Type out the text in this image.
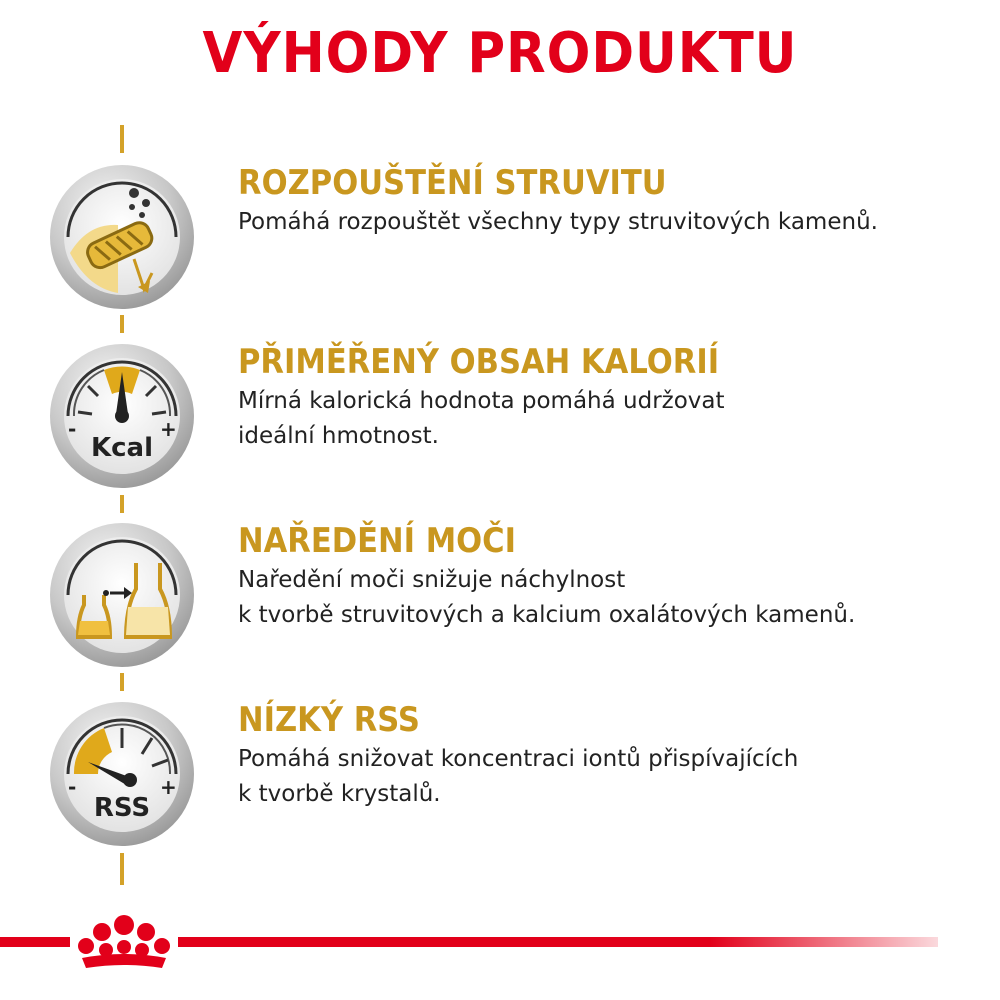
VÝHODY PRODUKTU
ROZPOUŠTĚNÍ STRUVITU
Pomáhá rozpouštět všechny typy struvitových kamenů.
-	+
Kcal
PŘIMĚŘENÝ OBSAH KALORIÍ
Mírná kalorická hodnota pomáhá udržovat
ideální hmotnost.
NAŘEDĚNÍ MOČI
Naředění moči snižuje náchylnost
k tvorbě struvitových a kalcium oxalátových kamenů.
-	+
RSS
NÍZKÝ RSS
Pomáhá snižovat koncentraci iontů přispívajících
k tvorbě krystalů.
